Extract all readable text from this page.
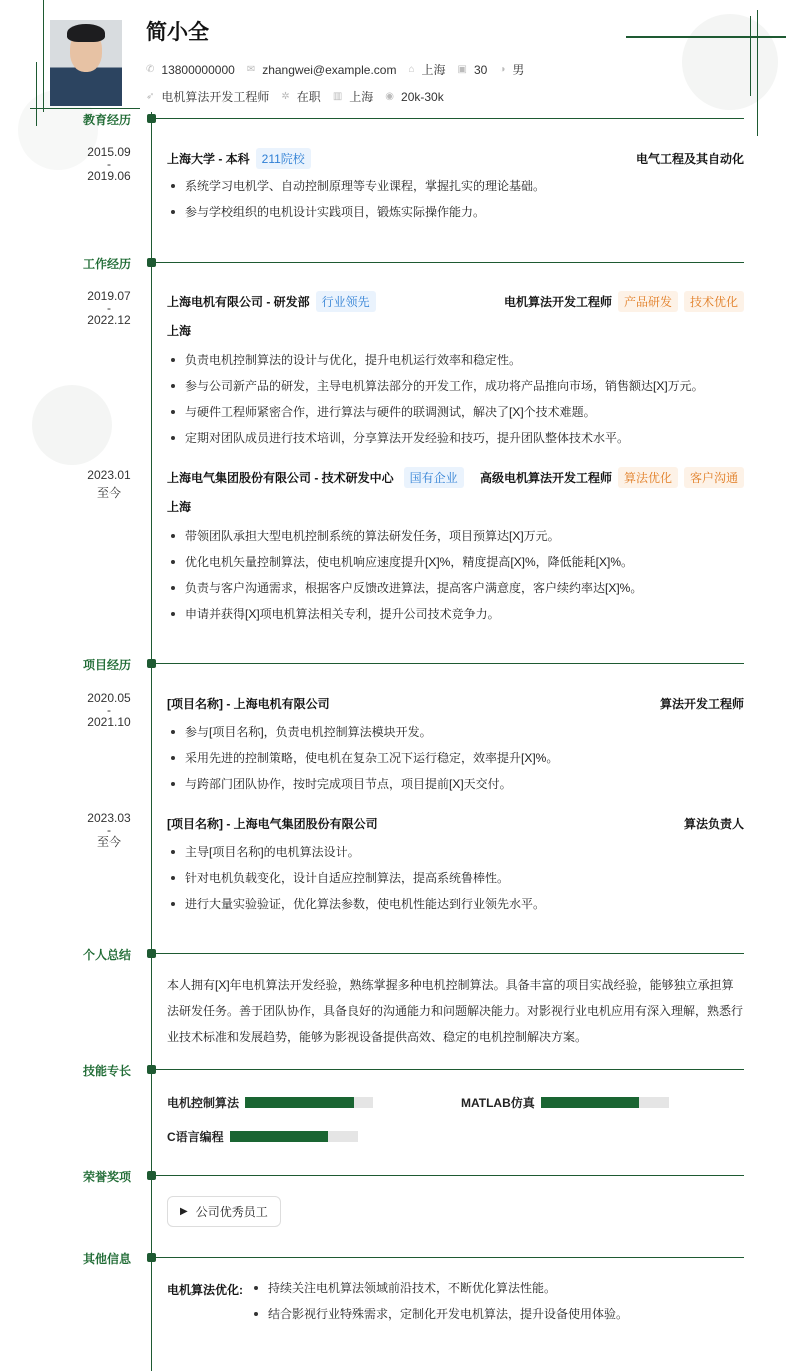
简小全
✆ 13800000000 ✉ zhangwei@example.com ⌂ 上海 ▣ 30 ◑ 男
➶ 电机算法开发工程师 ✲ 在职 ▥ 上海 ◉ 20k-30k
教育经历
2015.09
-
2019.06
上海大学 - 本科	211院校	电气工程及其自动化
系统学习电机学、自动控制原理等专业课程，掌握扎实的理论基础。
参与学校组织的电机设计实践项目，锻炼实际操作能力。
工作经历
2019.07
-
2022.12
上海电机有限公司 - 研发部	行业领先	电机算法开发工程师	产品研发	技术优化
上海
负责电机控制算法的设计与优化，提升电机运行效率和稳定性。
参与公司新产品的研发，主导电机算法部分的开发工作，成功将产品推向市场，销售额达[X]万元。
与硬件工程师紧密合作，进行算法与硬件的联调测试，解决了[X]个技术难题。
定期对团队成员进行技术培训，分享算法开发经验和技巧，提升团队整体技术水平。
2023.01
至今
上海电气集团股份有限公司 - 技术研发中心	国有企业	高级电机算法开发工程师	算法优化	客户沟通
上海
带领团队承担大型电机控制系统的算法研发任务，项目预算达[X]万元。
优化电机矢量控制算法，使电机响应速度提升[X]%，精度提高[X]%，降低能耗[X]%。
负责与客户沟通需求，根据客户反馈改进算法，提高客户满意度，客户续约率达[X]%。
申请并获得[X]项电机算法相关专利，提升公司技术竞争力。
项目经历
2020.05
-
2021.10
[项目名称] - 上海电机有限公司	算法开发工程师
参与[项目名称]，负责电机控制算法模块开发。
采用先进的控制策略，使电机在复杂工况下运行稳定，效率提升[X]%。
与跨部门团队协作，按时完成项目节点，项目提前[X]天交付。
2023.03
-
至今
[项目名称] - 上海电气集团股份有限公司	算法负责人
主导[项目名称]的电机算法设计。
针对电机负载变化，设计自适应控制算法，提高系统鲁棒性。
进行大量实验验证，优化算法参数，使电机性能达到行业领先水平。
个人总结
本人拥有[X]年电机算法开发经验，熟练掌握多种电机控制算法。具备丰富的项目实战经验，能够独立承担算法研发任务。善于团队协作，具备良好的沟通能力和问题解决能力。对影视行业电机应用有深入理解，熟悉行业技术标准和发展趋势，能够为影视设备提供高效、稳定的电机控制解决方案。
技能专长
电机控制算法	MATLAB仿真
C语言编程
荣誉奖项
▶ 公司优秀员工
其他信息
电机算法优化:	持续关注电机算法领域前沿技术，不断优化算法性能。
结合影视行业特殊需求，定制化开发电机算法，提升设备使用体验。
